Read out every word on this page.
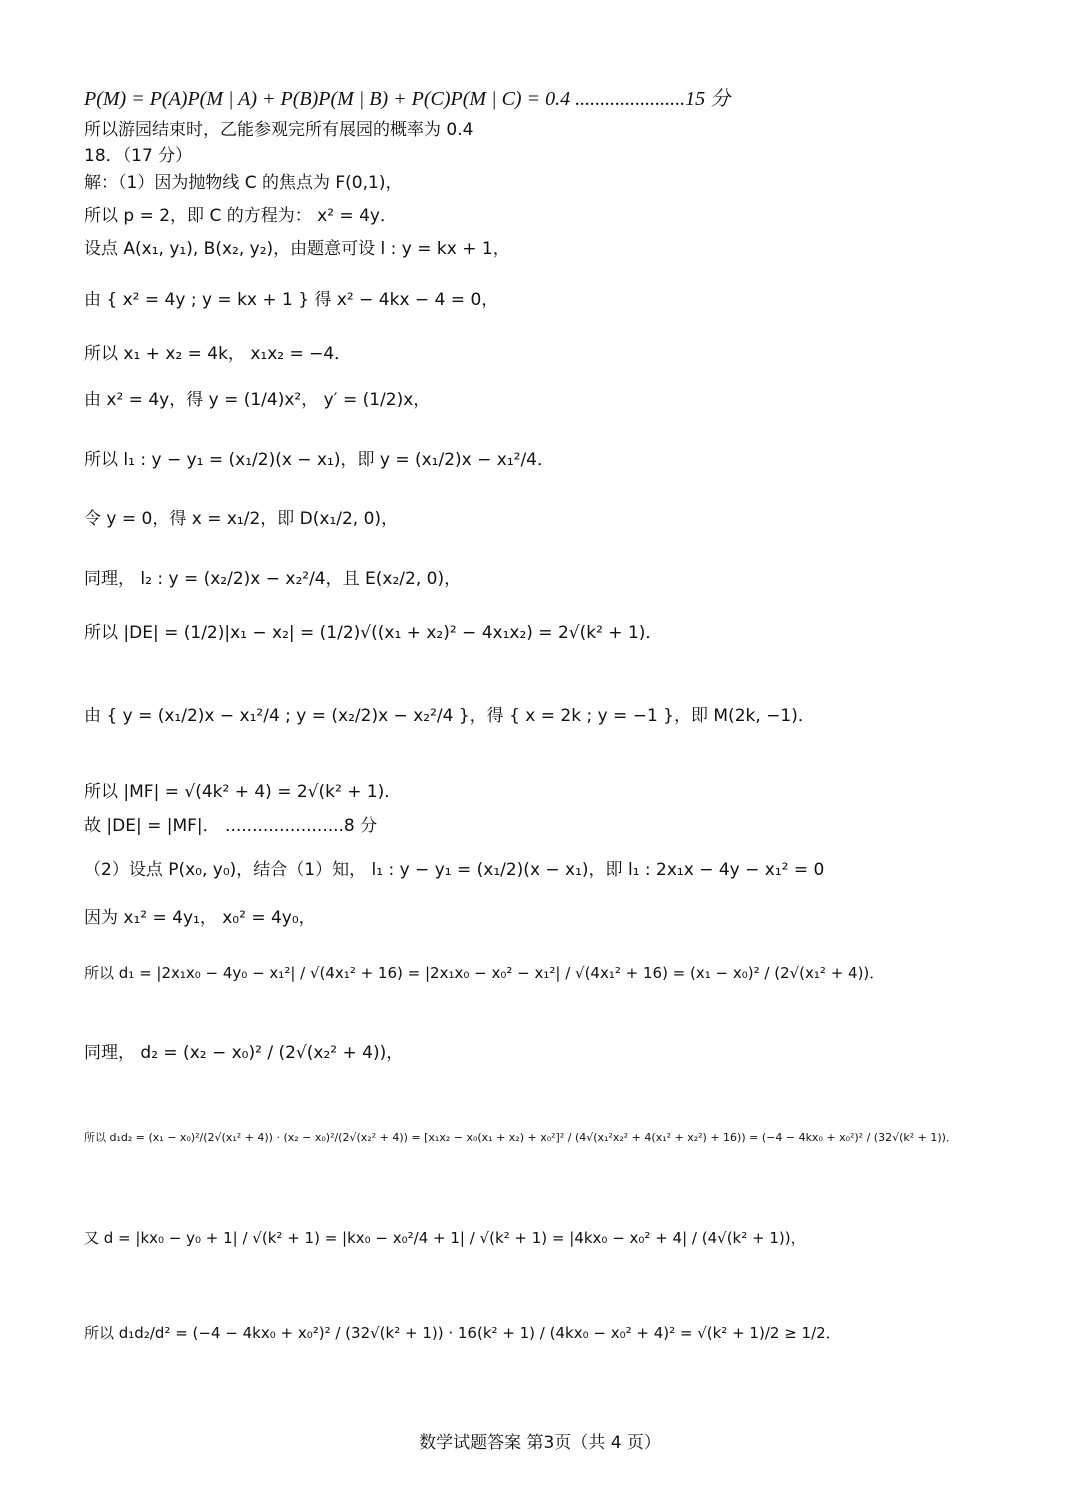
P(M) = P(A)P(M | A) + P(B)P(M | B) + P(C)P(M | C) = 0.4 ......................15 分
所以游园结束时，乙能参观完所有展园的概率为 0.4
18．（17 分）
解：（1）因为抛物线 C 的焦点为 F(0,1)，
所以 p = 2，即 C 的方程为： x² = 4y．
设点 A(x₁, y₁), B(x₂, y₂)，由题意可设 l : y = kx + 1，
由 { x² = 4y ; y = kx + 1 } 得 x² − 4kx − 4 = 0，
所以 x₁ + x₂ = 4k， x₁x₂ = −4．
由 x² = 4y，得 y = (1/4)x²， y′ = (1/2)x，
所以 l₁ : y − y₁ = (x₁/2)(x − x₁)，即 y = (x₁/2)x − x₁²/4．
令 y = 0，得 x = x₁/2，即 D(x₁/2, 0)，
同理， l₂ : y = (x₂/2)x − x₂²/4，且 E(x₂/2, 0)，
所以 |DE| = (1/2)|x₁ − x₂| = (1/2)√((x₁ + x₂)² − 4x₁x₂) = 2√(k² + 1)．
由 { y = (x₁/2)x − x₁²/4 ; y = (x₂/2)x − x₂²/4 }，得 { x = 2k ; y = −1 }，即 M(2k, −1)．
所以 |MF| = √(4k² + 4) = 2√(k² + 1)．
故 |DE| = |MF|． ......................8 分
（2）设点 P(x₀, y₀)，结合（1）知， l₁ : y − y₁ = (x₁/2)(x − x₁)，即 l₁ : 2x₁x − 4y − x₁² = 0
因为 x₁² = 4y₁， x₀² = 4y₀，
所以 d₁ = |2x₁x₀ − 4y₀ − x₁²| / √(4x₁² + 16) = |2x₁x₀ − x₀² − x₁²| / √(4x₁² + 16) = (x₁ − x₀)² / (2√(x₁² + 4))．
同理， d₂ = (x₂ − x₀)² / (2√(x₂² + 4))，
所以 d₁d₂ = (x₁ − x₀)²/(2√(x₁² + 4)) · (x₂ − x₀)²/(2√(x₂² + 4)) = [x₁x₂ − x₀(x₁ + x₂) + x₀²]² / (4√(x₁²x₂² + 4(x₁² + x₂²) + 16)) = (−4 − 4kx₀ + x₀²)² / (32√(k² + 1))．
又 d = |kx₀ − y₀ + 1| / √(k² + 1) = |kx₀ − x₀²/4 + 1| / √(k² + 1) = |4kx₀ − x₀² + 4| / (4√(k² + 1))，
所以 d₁d₂/d² = (−4 − 4kx₀ + x₀²)² / (32√(k² + 1)) · 16(k² + 1) / (4kx₀ − x₀² + 4)² = √(k² + 1)/2 ≥ 1/2．
数学试题答案 第3页（共 4 页）
